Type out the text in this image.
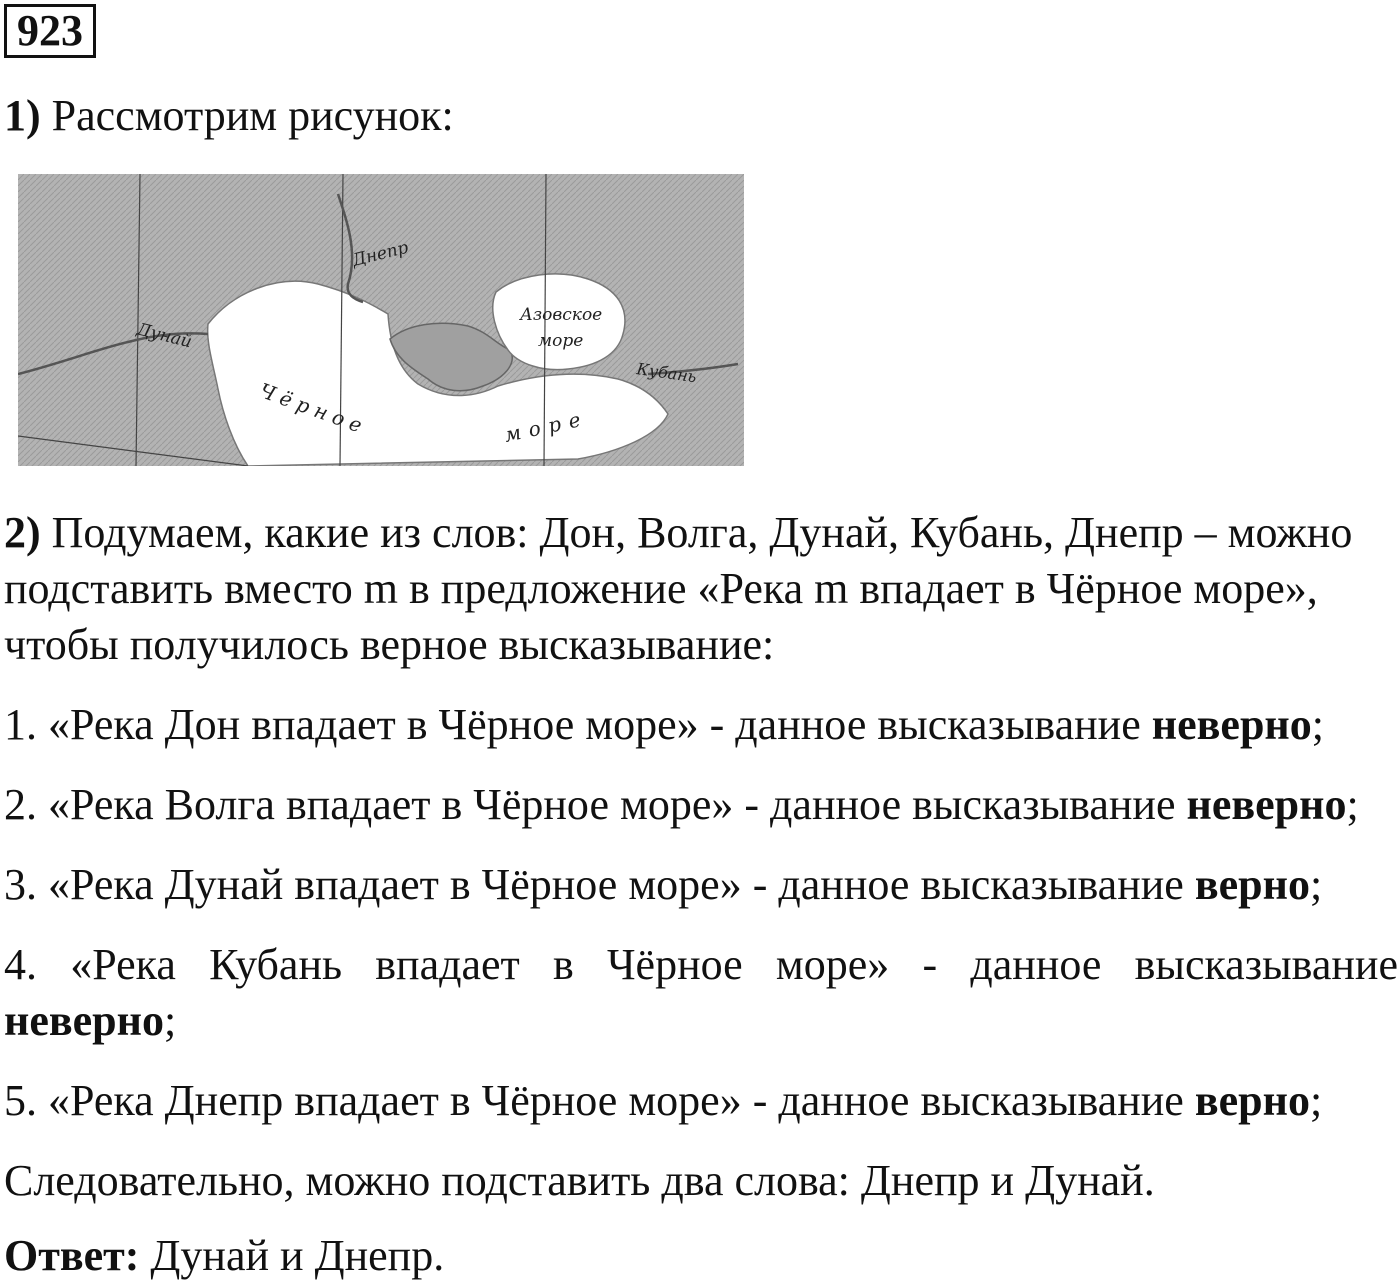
923
1) Рассмотрим рисунок:
Днепр
Дунай
Азовское
море
Кубань
Чёрное	море
2) Подумаем, какие из слов: Дон, Волга, Дунай, Кубань, Днепр – можно
подставить вместо m в предложение «Река m впадает в Чёрное море»,
чтобы получилось верное высказывание:
1. «Река Дон впадает в Чёрное море» - данное высказывание неверно;
2. «Река Волга впадает в Чёрное море» - данное высказывание неверно;
3. «Река Дунай впадает в Чёрное море» - данное высказывание верно;
4. «Река Кубань впадает в Чёрное море» - данное высказывание
неверно;
5. «Река Днепр впадает в Чёрное море» - данное высказывание верно;
Следовательно, можно подставить два слова: Днепр и Дунай.
Ответ: Дунай и Днепр.
